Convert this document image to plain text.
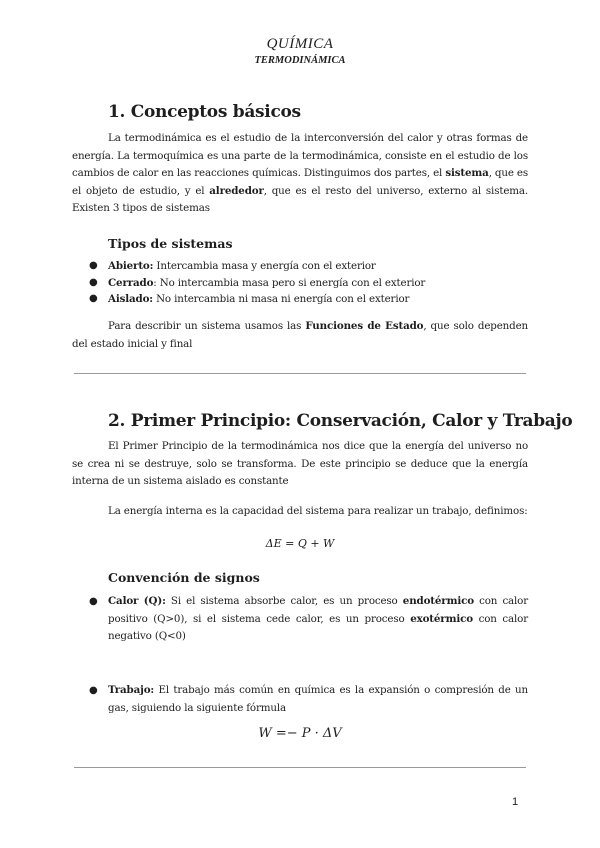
QUÍMICA
TERMODINÁMICA
1. Conceptos básicos

La termodinámica es el estudio de la interconversión del calor y otras formas de energía. La termoquímica es una parte de la termodinámica, consiste en el estudio de los cambios de calor en las reacciones químicas. Distinguimos dos partes, el sistema, que es el objeto de estudio, y el alrededor, que es el resto del universo, externo al sistema. Existen 3 tipos de sistemas

Tipos de sistemas
● Abierto: Intercambia masa y energía con el exterior
● Cerrado: No intercambia masa pero si energía con el exterior
● Aislado: No intercambia ni masa ni energía con el exterior

Para describir un sistema usamos las Funciones de Estado, que solo dependen del estado inicial y final

2. Primer Principio: Conservación, Calor y Trabajo

El Primer Principio de la termodinámica nos dice que la energía del universo no se crea ni se destruye, solo se transforma. De este principio se deduce que la energía interna de un sistema aislado es constante

La energía interna es la capacidad del sistema para realizar un trabajo, definimos:

ΔE = Q + W
Convención de signos
● Calor (Q): Si el sistema absorbe calor, es un proceso endotérmico con calor positivo (Q>0), si el sistema cede calor, es un proceso exotérmico con calor negativo (Q<0)
● Trabajo: El trabajo más común en química es la expansión o compresión de un gas, siguiendo la siguiente fórmula
W =− P · ΔV
1
